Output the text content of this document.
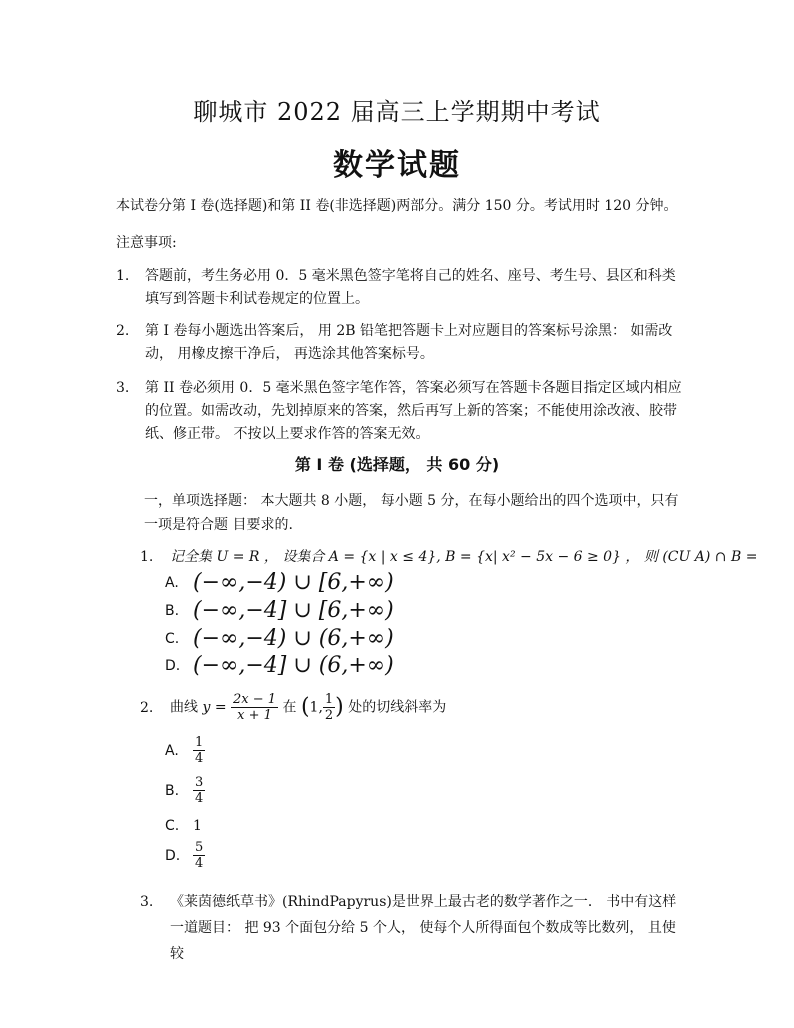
聊城市 2022 届高三上学期期中考试
数学试题
本试卷分第 I 卷(选择题)和第 II 卷(非选择题)两部分。满分 150 分。考试用时 120 分钟。
注意事项:
1. 答题前，考生务必用 0．5 毫米黑色签字笔将自己的姓名、座号、考生号、县区和科类填写到答题卡利试卷规定的位置上。
2. 第 I 卷每小题选出答案后， 用 2B 铅笔把答题卡上对应题目的答案标号涂黑： 如需改动， 用橡皮擦干净后， 再选涂其他答案标号。
3. 第 II 卷必须用 0．5 毫米黑色签字笔作答，答案必须写在答题卡各题目指定区域内相应的位置。如需改动，先划掉原来的答案，然后再写上新的答案；不能使用涂改液、胶带纸、修正带。 不按以上要求作答的答案无效。
第 I 卷 (选择题， 共 60 分)
一，单项选择题： 本大题共 8 小题， 每小题 5 分，在每小题给出的四个选项中，只有一项是符合题 目要求的.
1. 记全集 U = R ， 设集合 A = {x | x ≤ 4}, B = {x| x² − 5x − 6 ≥ 0} ， 则 (CU A) ∩ B =
A. (−∞,−4) ∪ [6,+∞)
B. (−∞,−4] ∪ [6,+∞)
C. (−∞,−4) ∪ (6,+∞)
D. (−∞,−4] ∪ (6,+∞)
2. 曲线 $y = \frac{2x - 1}{x + 1}$ 在 (1, $\frac{1}{2}$ ) 处的切线斜率为
A. $\frac{1}{4}$
B. $\frac{3}{4}$
C. 1
D. $\frac{5}{4}$
3. 《莱茵德纸草书》(RhindPapyrus)是世界上最古老的数学著作之一． 书中有这样一道题目： 把 93 个面包分给 5 个人， 使每个人所得面包个数成等比数列， 且使较
